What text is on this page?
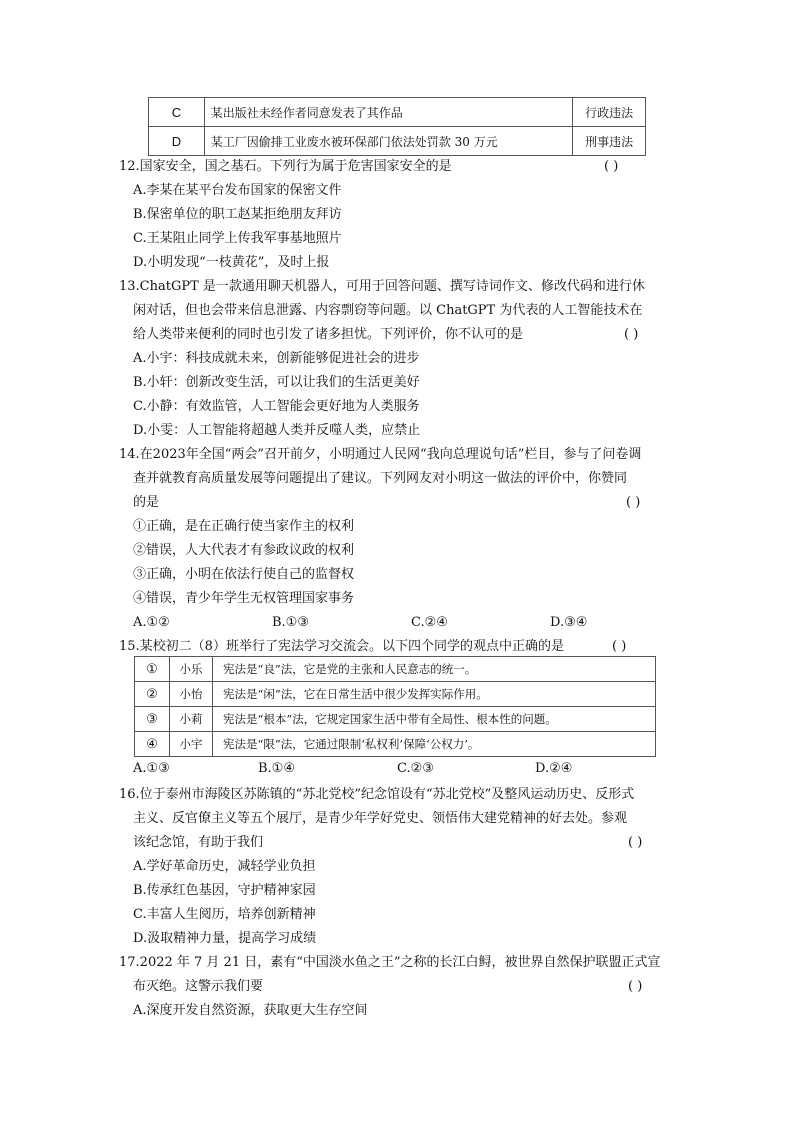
C	某出版社未经作者同意发表了其作品	行政违法
D	某工厂因偷排工业废水被环保部门依法处罚款 30 万元	刑事违法
12.国家安全，国之基石。下列行为属于危害国家安全的是	( )
A.李某在某平台发布国家的保密文件
B.保密单位的职工赵某拒绝朋友拜访
C.王某阻止同学上传我军事基地照片
D.小明发现“一枝黄花”，及时上报
13.ChatGPT 是一款通用聊天机器人，可用于回答问题、撰写诗词作文、修改代码和进行休
闲对话，但也会带来信息泄露、内容剽窃等问题。以 ChatGPT 为代表的人工智能技术在
给人类带来便利的同时也引发了诸多担忧。下列评价，你不认可的是	( )
A.小宇：科技成就未来，创新能够促进社会的进步
B.小轩：创新改变生活，可以让我们的生活更美好
C.小静：有效监管，人工智能会更好地为人类服务
D.小雯：人工智能将超越人类并反噬人类，应禁止
14.在2023年全国“两会”召开前夕，小明通过人民网“我向总理说句话”栏目，参与了问卷调
查并就教育高质量发展等问题提出了建议。下列网友对小明这一做法的评价中，你赞同
的是	( )
①正确，是在正确行使当家作主的权利
②错误，人大代表才有参政议政的权利
③正确，小明在依法行使自己的监督权
④错误，青少年学生无权管理国家事务
A.①②	B.①③	C.②④	D.③④
15.某校初二（8）班举行了宪法学习交流会。以下四个同学的观点中正确的是	( )
①	小乐	宪法是“良”法，它是党的主张和人民意志的统一。
②	小怡	宪法是“闲”法，它在日常生活中很少发挥实际作用。
③	小莉	宪法是“根本”法，它规定国家生活中带有全局性、根本性的问题。
④	小宇	宪法是“限”法，它通过限制‘私权利’保障‘公权力’。
A.①③	B.①④	C.②③	D.②④
16.位于泰州市海陵区苏陈镇的“苏北党校”纪念馆设有“苏北党校”及整风运动历史、反形式
主义、反官僚主义等五个展厅，是青少年学好党史、领悟伟大建党精神的好去处。参观
该纪念馆，有助于我们	( )
A.学好革命历史，减轻学业负担
B.传承红色基因，守护精神家园
C.丰富人生阅历，培养创新精神
D.汲取精神力量，提高学习成绩
17.2022 年 7 月 21 日，素有“中国淡水鱼之王”之称的长江白鲟，被世界自然保护联盟正式宣
布灭绝。这警示我们要	( )
A.深度开发自然资源，获取更大生存空间
